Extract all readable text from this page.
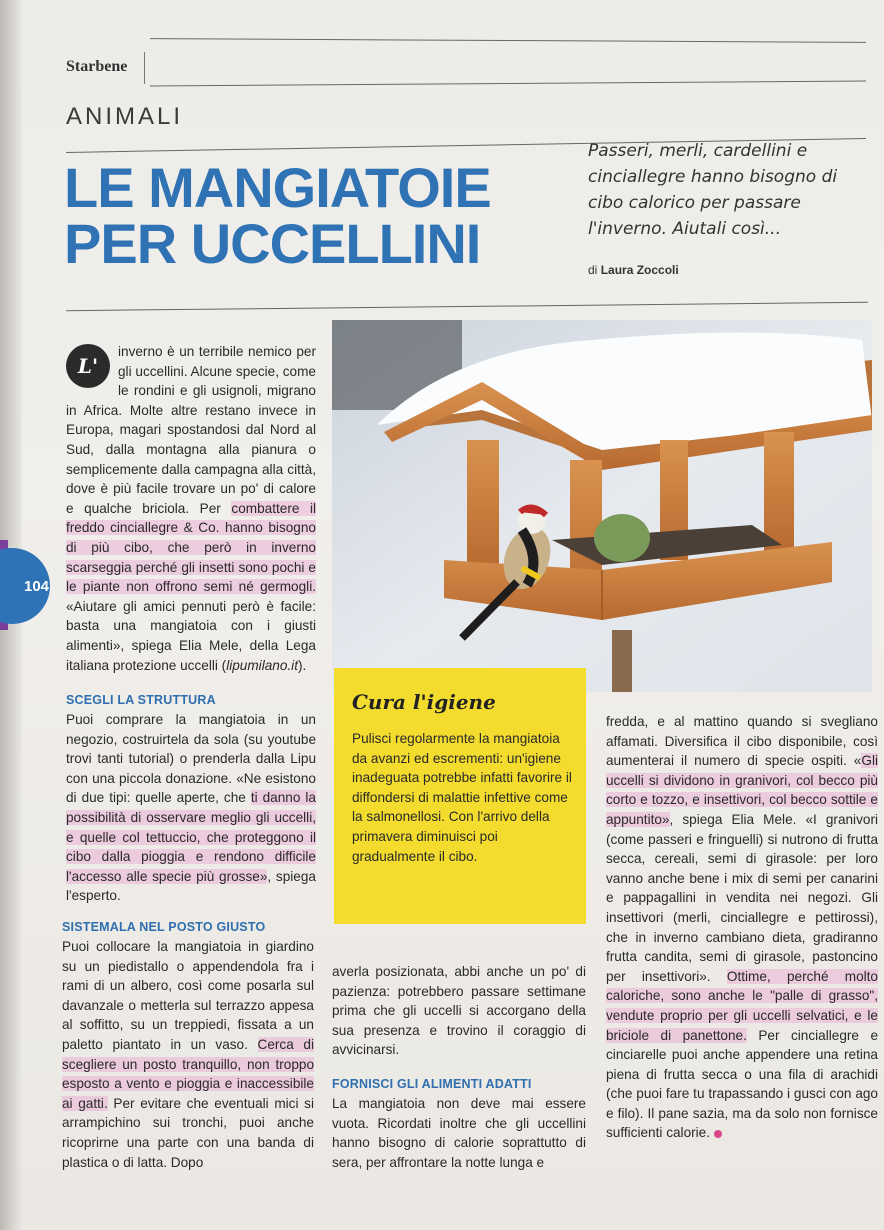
Starbene
ANIMALI
LE MANGIATOIE
PER UCCELLINI
Passeri, merli, cardellini e cinciallegre hanno bisogno di cibo calorico per passare l'inverno. Aiutali così...
di Laura Zoccoli
104

L'
inverno è un terribile nemico per gli uccellini. Alcune specie, come le rondini e gli usignoli, migrano in Africa. Molte altre restano invece in Europa, magari spostandosi dal Nord al Sud, dalla montagna alla pianura o semplicemente dalla campagna alla città, dove è più facile trovare un po' di calore e qualche briciola. Per combattere il freddo cinciallegre & Co. hanno bisogno di più cibo, che però in inverno scarseggia perché gli insetti sono pochi e le piante non offrono semi né germogli. «Aiutare gli amici pennuti però è facile: basta una mangiatoia con i giusti alimenti», spiega Elia Mele, della Lega italiana protezione uccelli (lipumilano.it).

SCEGLI LA STRUTTURA

Puoi comprare la mangiatoia in un negozio, costruirtela da sola (su youtube trovi tanti tutorial) o prenderla dalla Lipu con una piccola donazione. «Ne esistono di due tipi: quelle aperte, che ti danno la possibilità di osservare meglio gli uccelli, e quelle col tettuccio, che proteggono il cibo dalla pioggia e rendono difficile l'accesso alle specie più grosse», spiega l'esperto.

SISTEMALA NEL POSTO GIUSTO

Puoi collocare la mangiatoia in giardino su un piedistallo o appendendola fra i rami di un albero, così come posarla sul davanzale o metterla sul terrazzo appesa al soffitto, su un treppiedi, fissata a un paletto piantato in un vaso. Cerca di scegliere un posto tranquillo, non troppo esposto a vento e pioggia e inaccessibile ai gatti. Per evitare che eventuali mici si arrampichino sui tronchi, puoi anche ricoprirne una parte con una banda di plastica o di latta. Dopo

Cura l'igiene
Pulisci regolarmente la mangiatoia da avanzi ed escrementi: un'igiene inadeguata potrebbe infatti favorire il diffondersi di malattie infettive come la salmonellosi. Con l'arrivo della primavera diminuisci poi gradualmente il cibo.

averla posizionata, abbi anche un po' di pazienza: potrebbero passare settimane prima che gli uccelli si accorgano della sua presenza e trovino il coraggio di avvicinarsi.

FORNISCI GLI ALIMENTI ADATTI

La mangiatoia non deve mai essere vuota. Ricordati inoltre che gli uccellini hanno bisogno di calorie soprattutto di sera, per affrontare la notte lunga e

fredda, e al mattino quando si svegliano affamati. Diversifica il cibo disponibile, così aumenterai il numero di specie ospiti. «Gli uccelli si dividono in granivori, col becco più corto e tozzo, e insettivori, col becco sottile e appuntito», spiega Elia Mele. «I granivori (come passeri e fringuelli) si nutrono di frutta secca, cereali, semi di girasole: per loro vanno anche bene i mix di semi per canarini e pappagallini in vendita nei negozi. Gli insettivori (merli, cinciallegre e pettirossi), che in inverno cambiano dieta, gradiranno frutta candita, semi di girasole, pastoncino per insettivori». Ottime, perché molto caloriche, sono anche le "palle di grasso", vendute proprio per gli uccelli selvatici, e le briciole di panettone. Per cinciallegre e cinciarelle puoi anche appendere una retina piena di frutta secca o una fila di arachidi (che puoi fare tu trapassando i gusci con ago e filo). Il pane sazia, ma da solo non fornisce sufficienti calorie.
